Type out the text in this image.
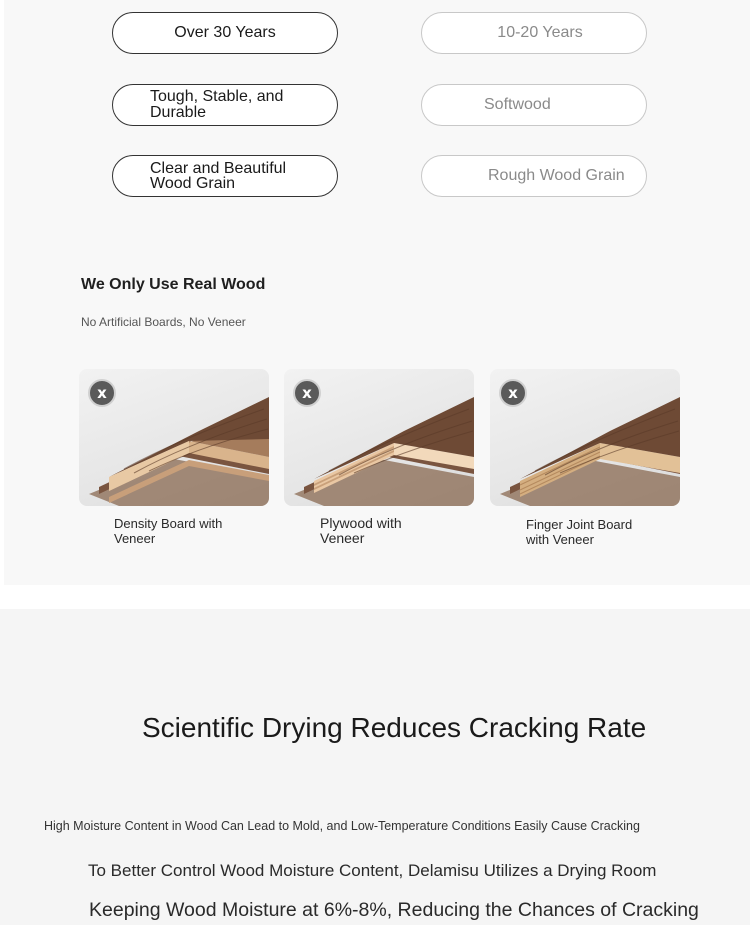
Over 30 Years	10-20 Years
Tough, Stable, and Durable	Softwood
Clear and Beautiful Wood Grain	Rough Wood Grain
We Only Use Real Wood
No Artificial Boards, No Veneer
x	x	x
Density Board with Veneer
Plywood with Veneer
Finger Joint Board with Veneer
Scientific Drying Reduces Cracking Rate
High Moisture Content in Wood Can Lead to Mold, and Low-Temperature Conditions Easily Cause Cracking
To Better Control Wood Moisture Content, Delamisu Utilizes a Drying Room
Keeping Wood Moisture at 6%-8%, Reducing the Chances of Cracking
